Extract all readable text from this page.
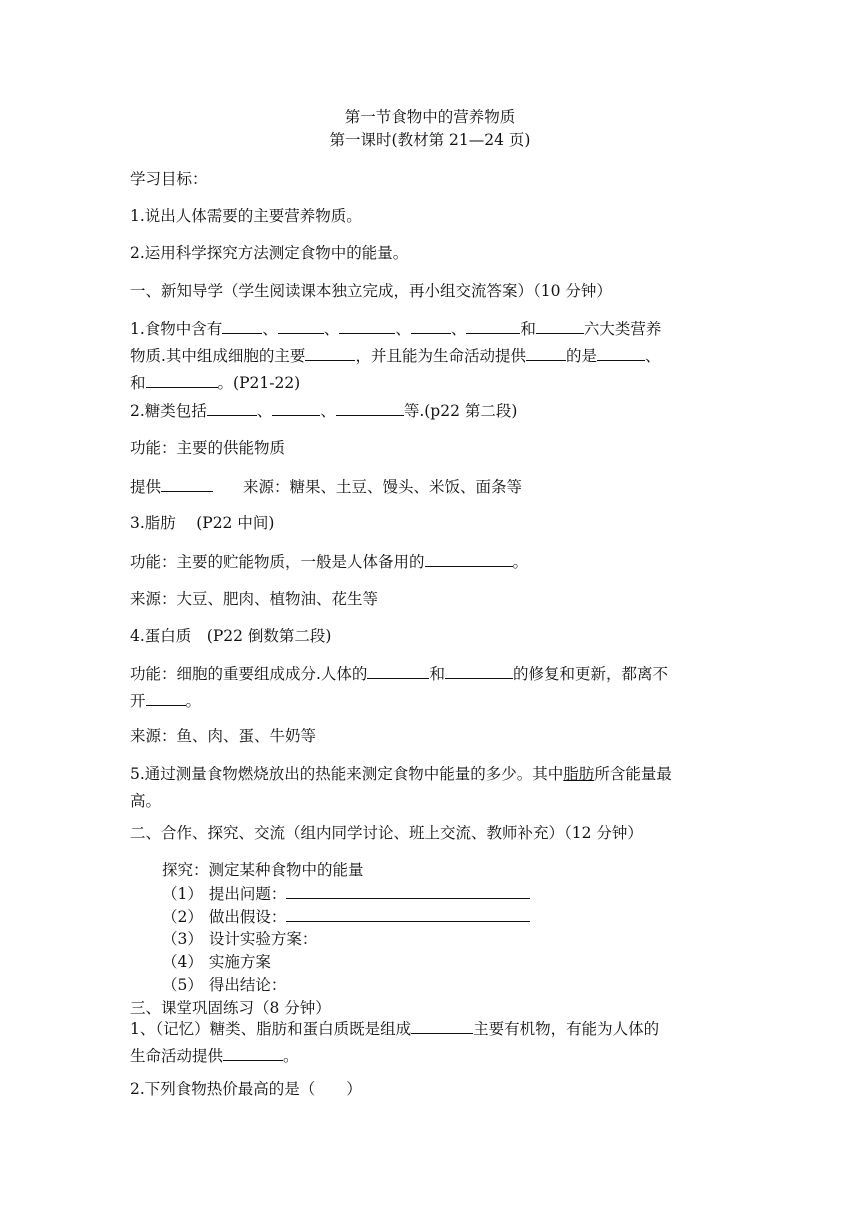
第一节食物中的营养物质
第一课时(教材第 21—24 页)
学习目标：
1.说出人体需要的主要营养物质。
2.运用科学探究方法测定食物中的能量。
一、新知导学（学生阅读课本独立完成，再小组交流答案）（10 分钟）
1.食物中含有	、	、	、	、	和	六大类营养
物质.其中组成细胞的主要	，并且能为生命活动提供	的是	、
和	。(P21-22)
2.糖类包括	、	、	等.(p22 第二段)
功能：主要的供能物质
提供	来源：糖果、土豆、馒头、米饭、面条等
3.脂肪　 (P22 中间)
功能：主要的贮能物质，一般是人体备用的	。
来源：大豆、肥肉、植物油、花生等
4.蛋白质　(P22 倒数第二段)
功能：细胞的重要组成成分.人体的	和	的修复和更新，都离不
开	。
来源：鱼、肉、蛋、牛奶等
5.通过测量食物燃烧放出的热能来测定食物中能量的多少。其中脂肪所含能量最
高。
二、合作、探究、交流（组内同学讨论、班上交流、教师补充）（12 分钟）
探究：测定某种食物中的能量
（1） 提出问题：
（2） 做出假设：
（3） 设计实验方案：
（4） 实施方案
（5） 得出结论：
三、课堂巩固练习（8 分钟）
1、（记忆）糖类、脂肪和蛋白质既是组成	主要有机物，有能为人体的
生命活动提供	。
2.下列食物热价最高的是（　　）
